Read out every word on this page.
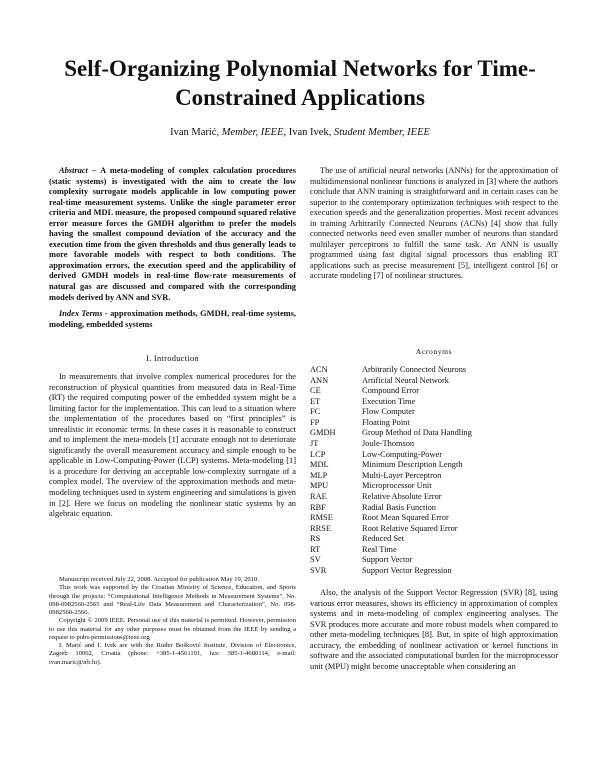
Self-Organizing Polynomial Networks for Time-
Constrained Applications
Ivan Marić, Member, IEEE, Ivan Ivek, Student Member, IEEE

Abstract – A meta-modeling of complex calculation procedures (static systems) is investigated with the aim to create the low complexity surrogate models applicable in low computing power real-time measurement systems. Unlike the single parameter error criteria and MDL measure, the proposed compound squared relative error measure forces the GMDH algorithm to prefer the models having the smallest compound deviation of the accuracy and the execution time from the given thresholds and thus generally leads to more favorable models with respect to both conditions. The approximation errors, the execution speed and the applicability of derived GMDH models in real-time flow-rate measurements of natural gas are discussed and compared with the corresponding models derived by ANN and SVR.

Index Terms - approximation methods, GMDH, real-time systems, modeling, embedded systems

I. Introduction

In measurements that involve complex numerical procedures for the reconstruction of physical quantities from measured data in Real-Time (RT) the required computing power of the embedded system might be a limiting factor for the implementation. This can lead to a situation where the implementation of the procedures based on “first principles” is unrealistic in economic terms. In these cases it is reasonable to construct and to implement the meta-models [1] accurate enough not to deteriorate significantly the overall measurement accuracy and simple enough to be applicable in Low-Computing-Power (LCP) systems. Meta-modeling [1] is a procedure for deriving an acceptable low-complexity surrogate of a complex model. The overview of the approximation methods and meta-modeling techniques used in system engineering and simulations is given in [2]. Here we focus on modeling the nonlinear static systems by an algebraic equation.

Manuscript received July 22, 2008. Accepted for publication May 19, 2010.

This work was supported by the Croatian Ministry of Science, Education, and Sports through the projects: “Computational Intelligence Methods in Measurement Systems”, No. 098-0982560-2565 and “Real-Life Data Measurement and Characterization”, No. 098-0982560-2566.

Copyright © 2009 IEEE. Personal use of this material is permitted. However, permission to use this material for any other purposes must be obtained from the IEEE by sending a request to pubs-permissions@ieee.org

I. Marić and I. Ivek are with the Ruđer Bošković Institute, Division of Electronics, Zagreb 10002, Croatia (phone: +385-1-4561191, fax: 385-1-4680114, e-mail: ivan.maric@irb.hr).

The use of artificial neural networks (ANNs) for the approximation of multidimensional nonlinear functions is analyzed in [3] where the authors conclude that ANN training is straightforward and in certain cases can be superior to the contemporary optimization techniques with respect to the execution speeds and the generalization properties. Most recent advances in training Arbitrarily Connected Neurons (ACNs) [4] show that fully connected networks need even smaller number of neurons than standard multilayer perceptrons to fulfill the same task. An ANN is usually programmed using fast digital signal processors thus enabling RT applications such as precise measurement [5], intelligent control [6] or accurate modeling [7] of nonlinear structures.

Acronyms
ACN	Arbitrarily Connected Neurons
ANN	Artificial Neural Network
CE	Compound Error
ET	Execution Time
FC	Flow Computer
FP	Floating Point
GMDH	Group Method of Data Handling
JT	Joule-Thomson
LCP	Low-Computing-Power
MDL	Minimum Description Length
MLP	Multi-Layer Perceptron
MPU	Microprocessor Unit
RAE	Relative Absolute Error
RBF	Radial Basis Function
RMSE	Root Mean Squared Error
RRSE	Root Relative Squared Error
RS	Reduced Set
RT	Real Time
SV	Support Vector
SVR	Support Vector Regression

Also, the analysis of the Support Vector Regression (SVR) [8], using various error measures, shows its efficiency in approximation of complex systems and in meta-modeling of complex engineering analyses. The SVR produces more accurate and more robust models when compared to other meta-modeling techniques [8]. But, in spite of high approximation accuracy, the embedding of nonlinear activation or kernel functions in software and the associated computational burden for the microprocessor unit (MPU) might become unacceptable when considering an
